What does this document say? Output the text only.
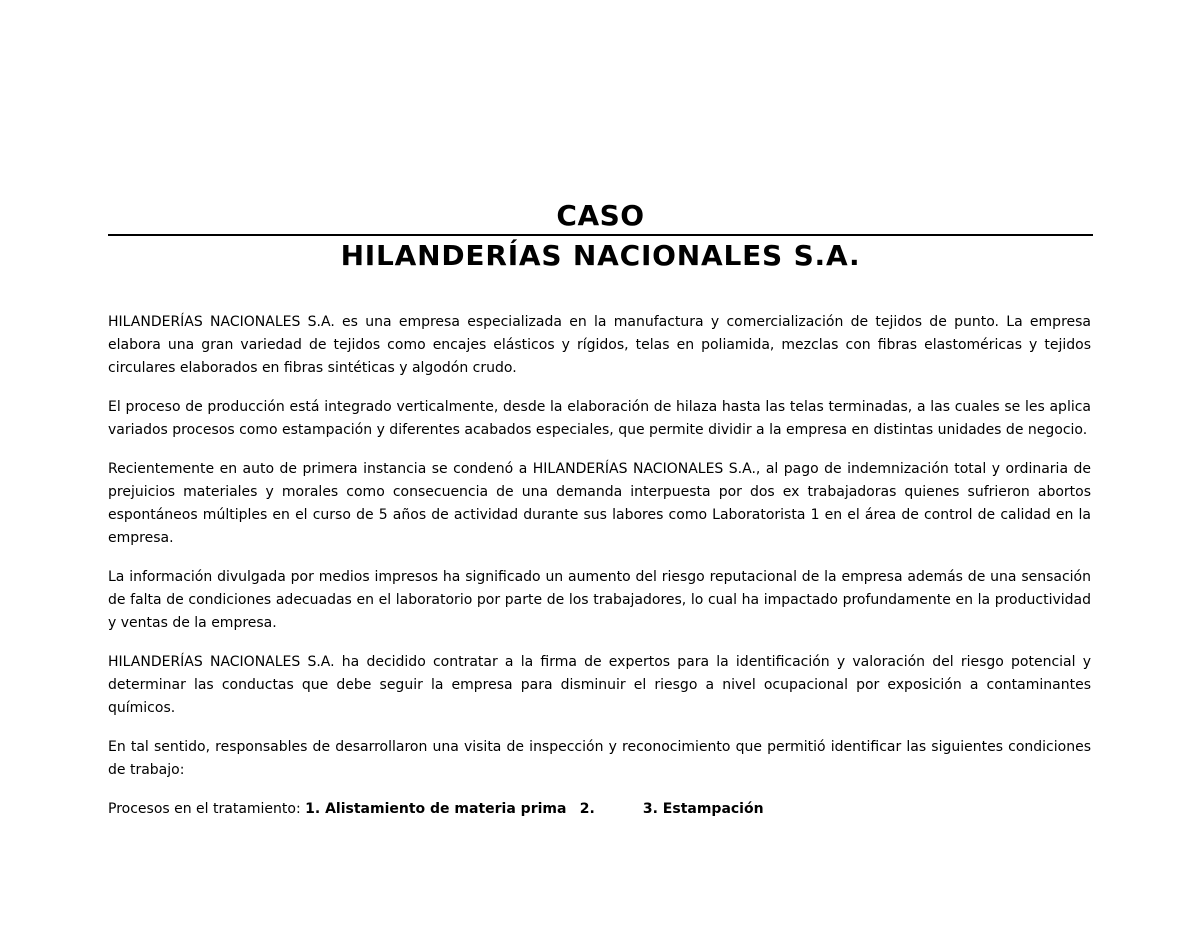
CASO
HILANDERÍAS NACIONALES S.A.

HILANDERÍAS NACIONALES S.A. es una empresa especializada en la manufactura y comercialización de tejidos de punto. La empresa elabora una gran variedad de tejidos como encajes elásticos y rígidos, telas en poliamida, mezclas con fibras elastoméricas y tejidos circulares elaborados en fibras sintéticas y algodón crudo.

El proceso de producción está integrado verticalmente, desde la elaboración de hilaza hasta las telas terminadas, a las cuales se les aplica variados procesos como estampación y diferentes acabados especiales, que permite dividir a la empresa en distintas unidades de negocio.

Recientemente en auto de primera instancia se condenó a HILANDERÍAS NACIONALES S.A., al pago de indemnización total y ordinaria de prejuicios materiales y morales como consecuencia de una demanda interpuesta por dos ex trabajadoras quienes sufrieron abortos espontáneos múltiples en el curso de 5 años de actividad durante sus labores como Laboratorista 1 en el área de control de calidad en la empresa.

La información divulgada por medios impresos ha significado un aumento del riesgo reputacional de la empresa además de una sensación de falta de condiciones adecuadas en el laboratorio por parte de los trabajadores, lo cual ha impactado profundamente en la productividad y ventas de la empresa.

HILANDERÍAS NACIONALES S.A. ha decidido contratar a la firma de expertos para la identificación y valoración del riesgo potencial y determinar las conductas que debe seguir la empresa para disminuir el riesgo a nivel ocupacional por exposición a contaminantes químicos.

En tal sentido, responsables de desarrollaron una visita de inspección y reconocimiento que permitió identificar las siguientes condiciones de trabajo:

Procesos en el tratamiento: 1. Alistamiento de materia prima 2.	3. Estampación
